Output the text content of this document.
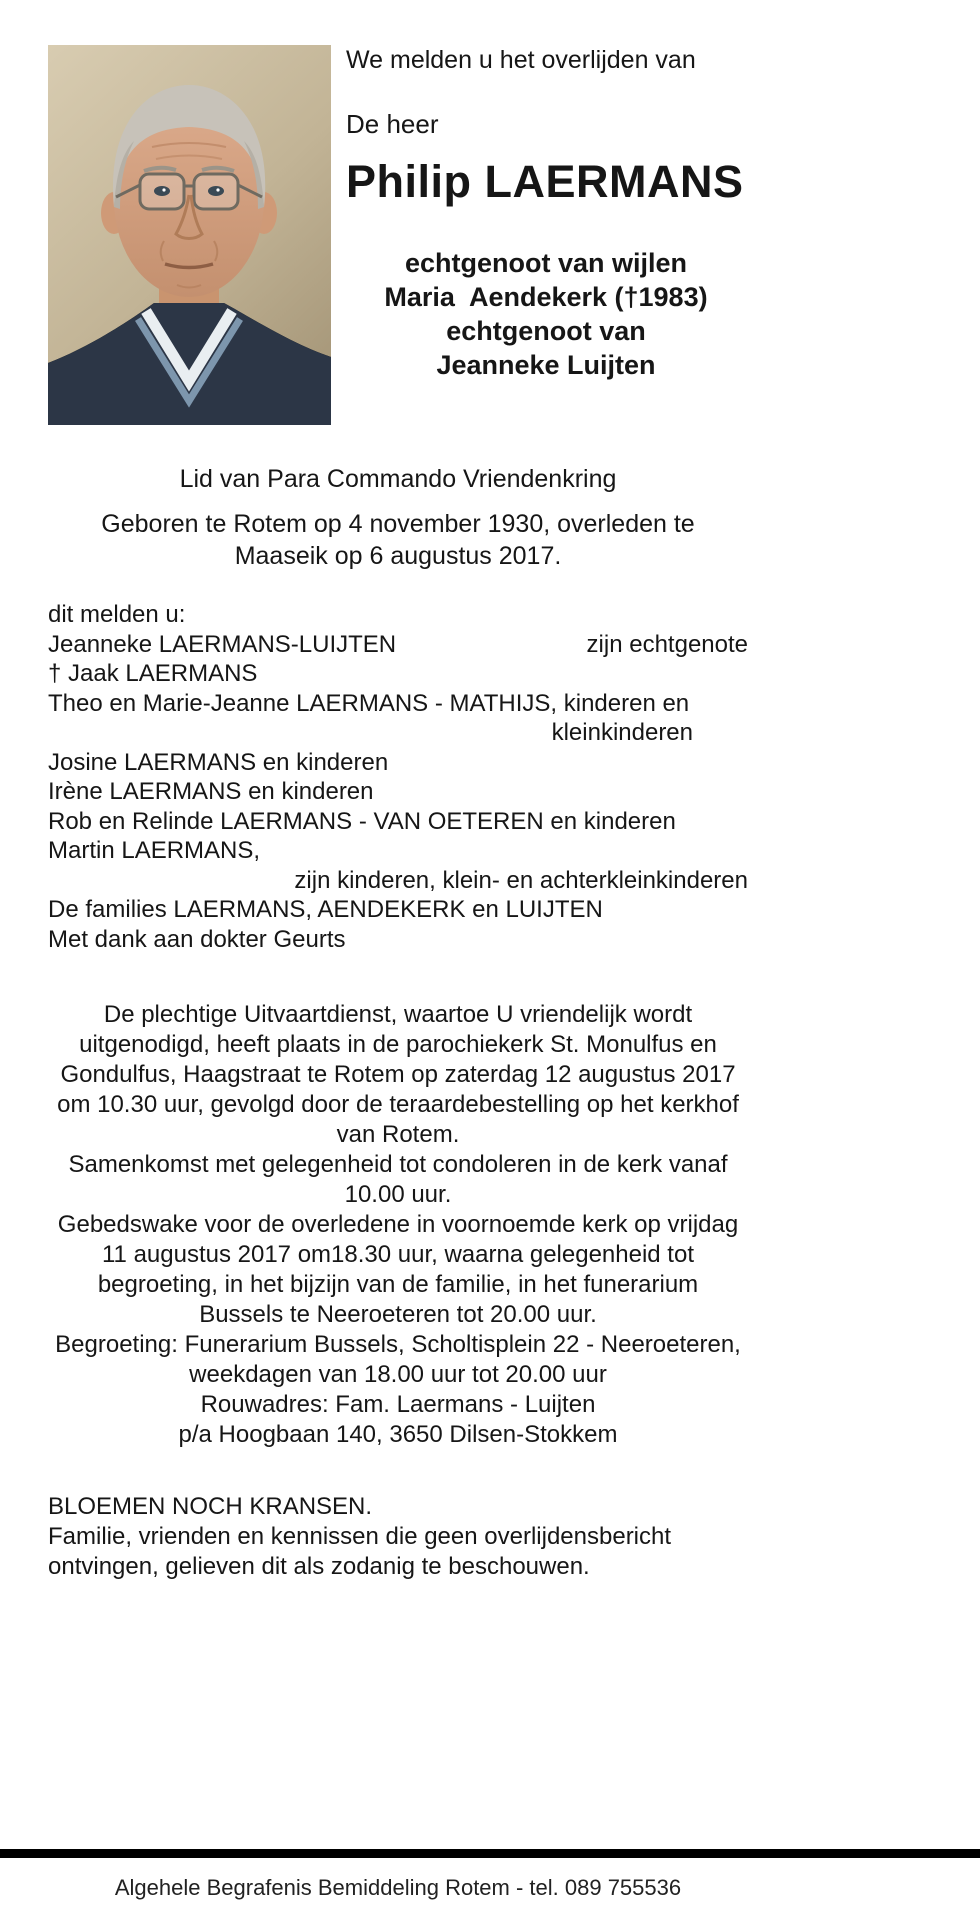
We melden u het overlijden van

De heer

Philip LAERMANS

echtgenoot van wijlen

Maria  Aendekerk (†1983)

echtgenoot van

Jeanneke Luijten

Lid van Para Commando Vriendenkring

Geboren te Rotem op 4 november 1930, overleden te Maaseik op 6 augustus 2017.

dit melden u:

Jeanneke LAERMANS-LUIJTEN	zijn echtgenote

† Jaak LAERMANS

Theo en Marie-Jeanne LAERMANS - MATHIJS, kinderen en

kleinkinderen

Josine LAERMANS en kinderen

Irène LAERMANS en kinderen

Rob en Relinde LAERMANS - VAN OETEREN en kinderen

Martin LAERMANS,

zijn kinderen, klein- en achterkleinkinderen

De families LAERMANS, AENDEKERK en LUIJTEN

Met dank aan dokter Geurts

De plechtige Uitvaartdienst, waartoe U vriendelijk wordt uitgenodigd, heeft plaats in de parochiekerk St. Monulfus en Gondulfus, Haagstraat te Rotem op zaterdag 12 augustus 2017 om 10.30 uur, gevolgd door de teraardebestelling op het kerkhof van Rotem.

Samenkomst met gelegenheid tot condoleren in de kerk vanaf 10.00 uur.

Gebedswake voor de overledene in voornoemde kerk op vrijdag 11 augustus 2017 om18.30 uur, waarna gelegenheid tot begroeting, in het bijzijn van de familie, in het funerarium Bussels te Neeroeteren tot 20.00 uur.

Begroeting: Funerarium Bussels, Scholtisplein 22 - Neeroeteren,

weekdagen van 18.00 uur tot 20.00 uur

Rouwadres: Fam. Laermans - Luijten

p/a Hoogbaan 140, 3650 Dilsen-Stokkem

BLOEMEN NOCH KRANSEN.

Familie, vrienden en kennissen die geen overlijdensbericht ontvingen, gelieven dit als zodanig te beschouwen.

Algehele Begrafenis Bemiddeling Rotem - tel. 089 755536
